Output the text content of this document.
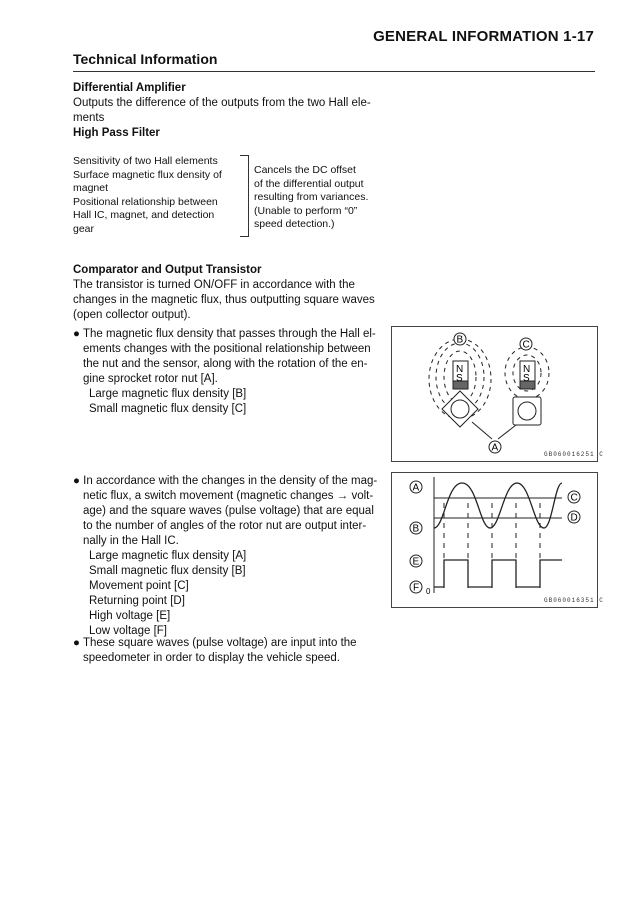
GENERAL INFORMATION 1-17
Technical Information
Differential Amplifier
Outputs the difference of the outputs from the two Hall ele-
ments
High Pass Filter
Sensitivity of two Hall elements
Surface magnetic flux density of
magnet
Positional relationship between
Hall IC, magnet, and detection
gear
Cancels the DC offset
of the differential output
resulting from variances.
(Unable to perform “0”
speed detection.)
Comparator and Output Transistor
The transistor is turned ON/OFF in accordance with the
changes in the magnetic flux, thus outputting square waves
(open collector output).
● The magnetic flux density that passes through the Hall el-
ements changes with the positional relationship between
the nut and the sensor, along with the rotation of the en-
gine sprocket rotor nut [A].
Large magnetic flux density [B]
Small magnetic flux density [C]
● In accordance with the changes in the density of the mag-
netic flux, a switch movement (magnetic changes → volt-
age) and the square waves (pulse voltage) that are equal
to the number of angles of the rotor nut are output inter-
nally in the Hall IC.
Large magnetic flux density [A]
Small magnetic flux density [B]
Movement point [C]
Returning point [D]
High voltage [E]
Low voltage [F]
● These square waves (pulse voltage) are input into the
speedometer in order to display the vehicle speed.
N
S
N
S
B	C
A
GB060016251 C
A
B
C
D
E
F 0
GB060016351 C
